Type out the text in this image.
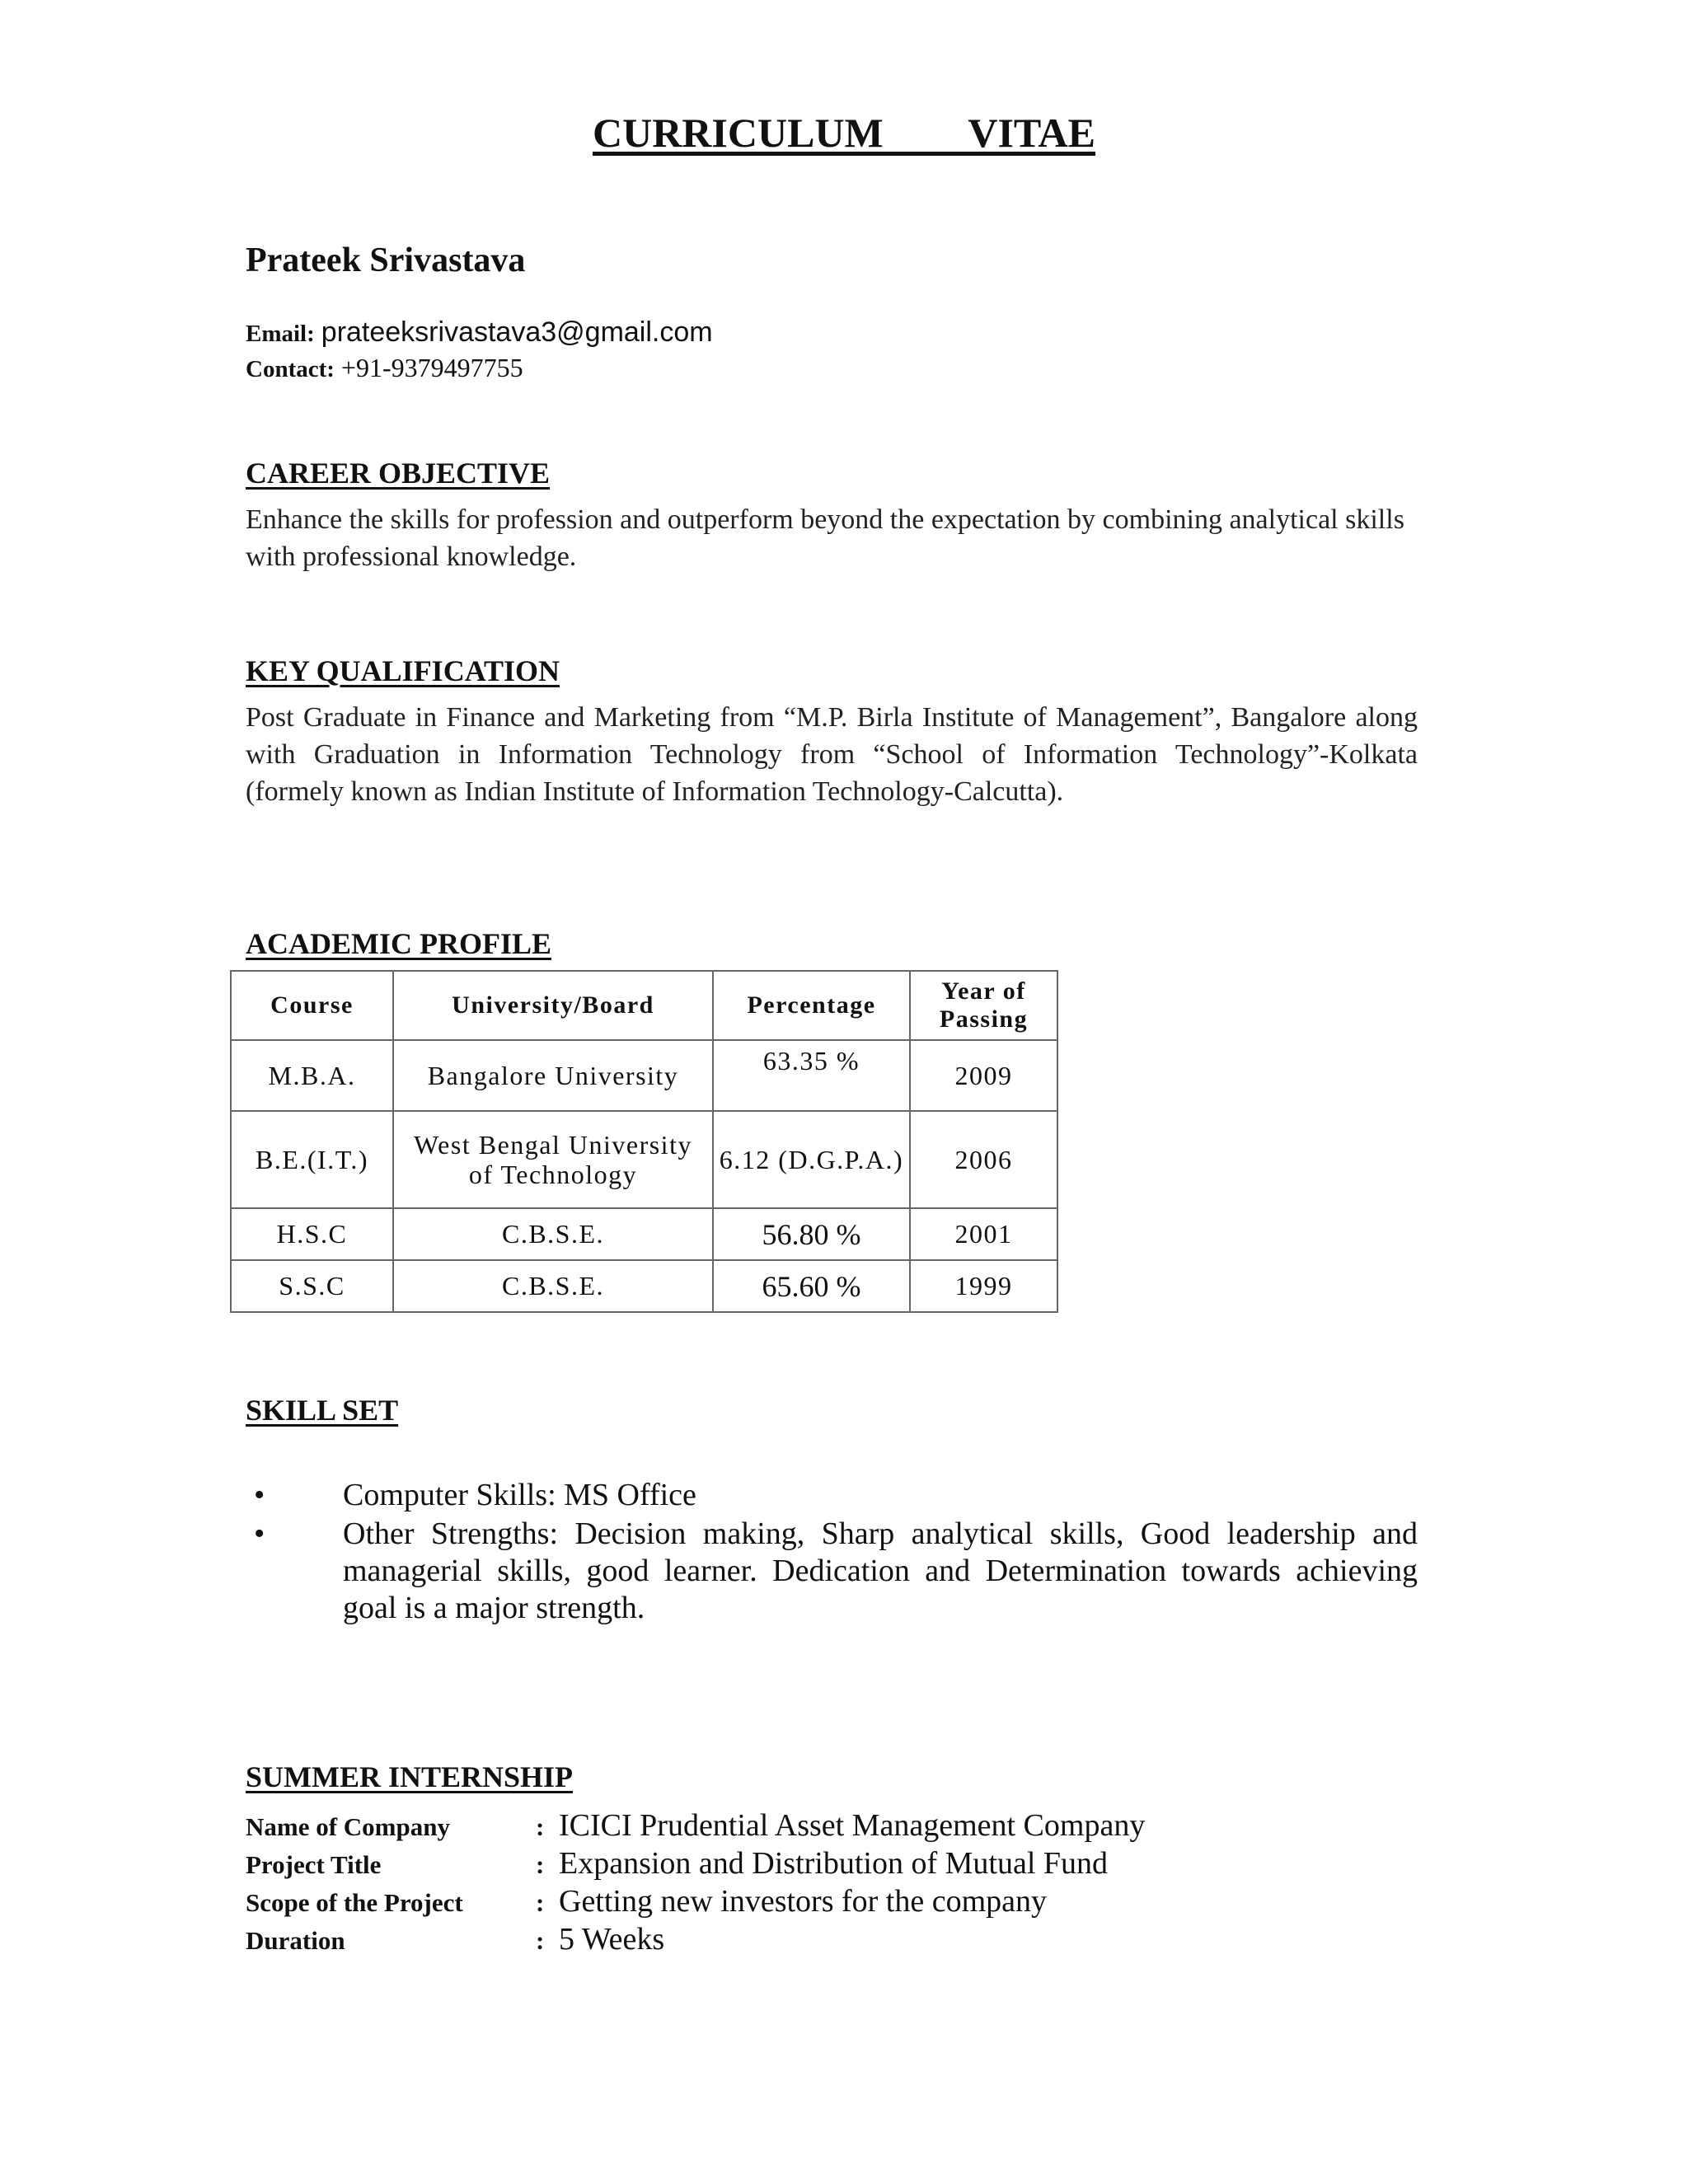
CURRICULUM   VITAE
Prateek Srivastava
Email: prateeksrivastava3@gmail.com
Contact: +91-9379497755
CAREER OBJECTIVE
Enhance the skills for profession and outperform beyond the expectation by combining analytical skills with professional knowledge.
KEY QUALIFICATION
Post Graduate in Finance and Marketing from “M.P. Birla Institute of Management”, Bangalore along with Graduation in Information Technology from “School of Information Technology”-Kolkata (formely known as Indian Institute of Information Technology-Calcutta).
ACADEMIC PROFILE
Course	University/Board	Percentage	Year of Passing
M.B.A.	Bangalore University	63.35 %	2009
B.E.(I.T.)	West Bengal University of Technology	6.12 (D.G.P.A.)	2006
H.S.C	C.B.S.E.	56.80 %	2001
S.S.C	C.B.S.E.	65.60 %	1999
SKILL SET
• Computer Skills: MS Office
• Other Strengths: Decision making, Sharp analytical skills, Good leadership and managerial skills, good learner. Dedication and Determination towards achieving goal is a major strength.
SUMMER INTERNSHIP
Name of Company	: ICICI Prudential Asset Management Company
Project Title	: Expansion and Distribution of Mutual Fund
Scope of the Project	: Getting new investors for the company
Duration	: 5 Weeks
